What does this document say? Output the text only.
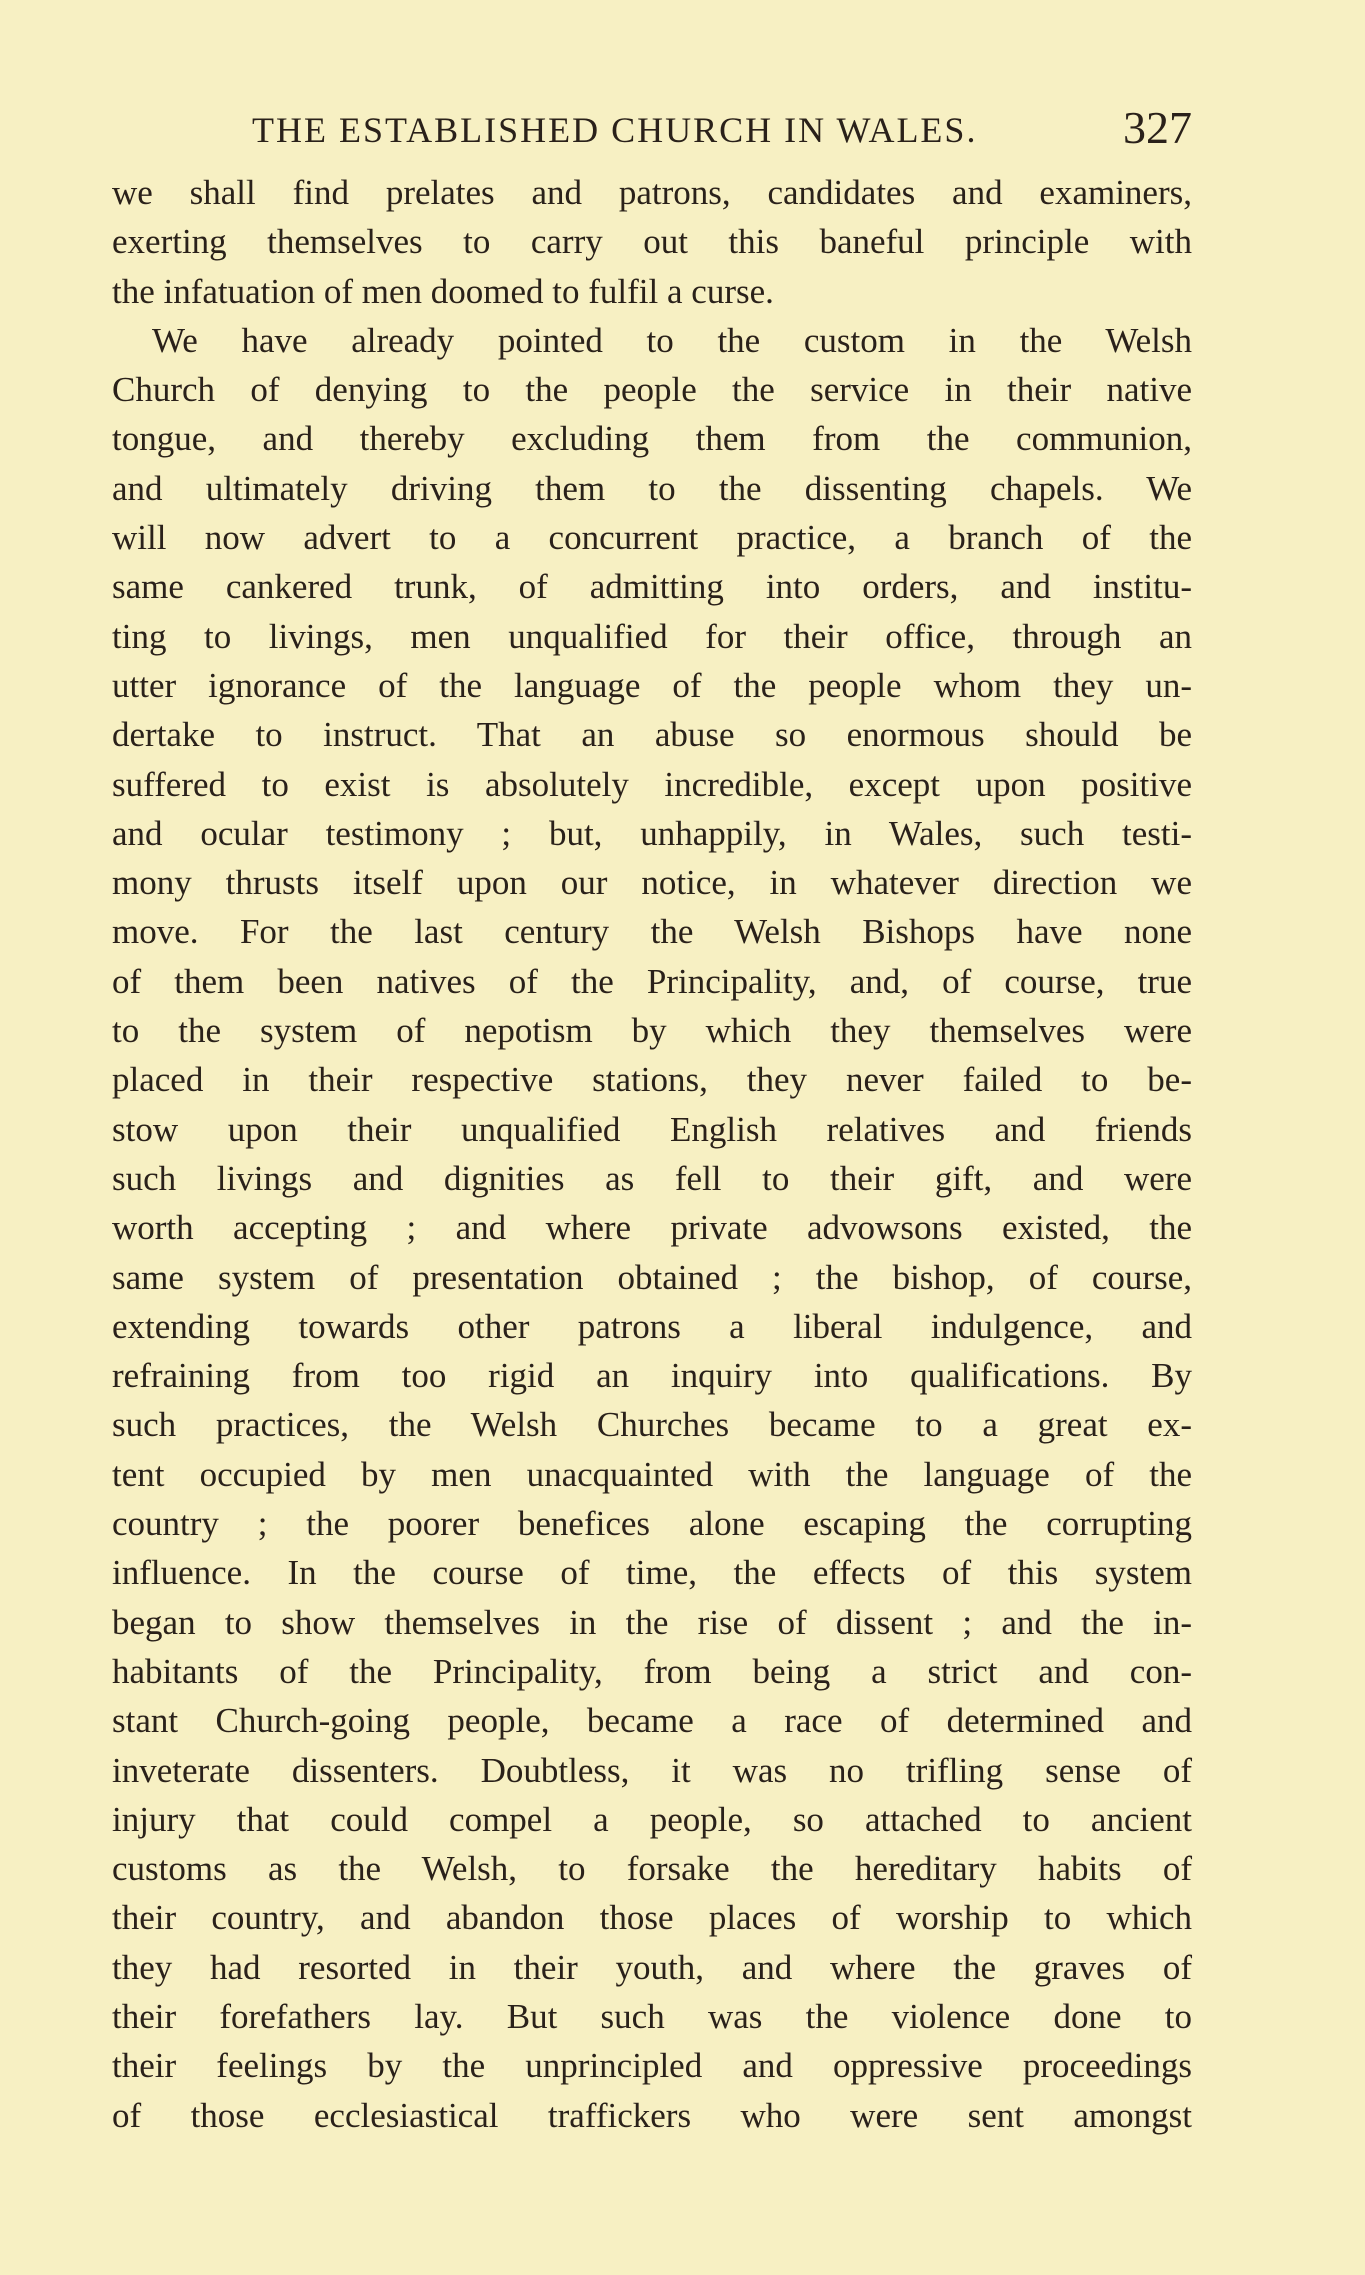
THE ESTABLISHED CHURCH IN WALES.	327
we shall find prelates and patrons, candidates and examiners,
exerting themselves to carry out this baneful principle with
the infatuation of men doomed to fulfil a curse.
We have already pointed to the custom in the Welsh
Church of denying to the people the service in their native
tongue, and thereby excluding them from the communion,
and ultimately driving them to the dissenting chapels. We
will now advert to a concurrent practice, a branch of the
same cankered trunk, of admitting into orders, and institu-
ting to livings, men unqualified for their office, through an
utter ignorance of the language of the people whom they un-
dertake to instruct. That an abuse so enormous should be
suffered to exist is absolutely incredible, except upon positive
and ocular testimony ; but, unhappily, in Wales, such testi-
mony thrusts itself upon our notice, in whatever direction we
move. For the last century the Welsh Bishops have none
of them been natives of the Principality, and, of course, true
to the system of nepotism by which they themselves were
placed in their respective stations, they never failed to be-
stow upon their unqualified English relatives and friends
such livings and dignities as fell to their gift, and were
worth accepting ; and where private advowsons existed, the
same system of presentation obtained ; the bishop, of course,
extending towards other patrons a liberal indulgence, and
refraining from too rigid an inquiry into qualifications. By
such practices, the Welsh Churches became to a great ex-
tent occupied by men unacquainted with the language of the
country ; the poorer benefices alone escaping the corrupting
influence. In the course of time, the effects of this system
began to show themselves in the rise of dissent ; and the in-
habitants of the Principality, from being a strict and con-
stant Church-going people, became a race of determined and
inveterate dissenters. Doubtless, it was no trifling sense of
injury that could compel a people, so attached to ancient
customs as the Welsh, to forsake the hereditary habits of
their country, and abandon those places of worship to which
they had resorted in their youth, and where the graves of
their forefathers lay. But such was the violence done to
their feelings by the unprincipled and oppressive proceedings
of those ecclesiastical traffickers who were sent amongst
